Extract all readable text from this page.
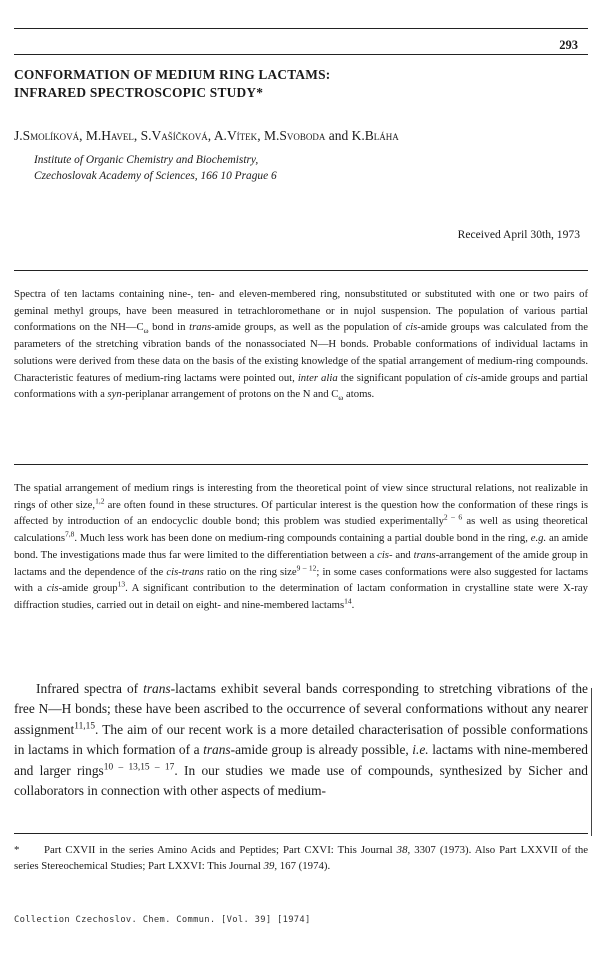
293
CONFORMATION OF MEDIUM RING LACTAMS:
INFRARED SPECTROSCOPIC STUDY*
J.Smolíková, M.Havel, S.Vašíčková, A.Vítek, M.Svoboda and K.Bláha
Institute of Organic Chemistry and Biochemistry,
Czechoslovak Academy of Sciences, 166 10 Prague 6
Received April 30th, 1973
Spectra of ten lactams containing nine-, ten- and eleven-membered ring, nonsubstituted or substituted with one or two pairs of geminal methyl groups, have been measured in tetrachloromethane or in nujol suspension. The population of various partial conformations on the $NH—C_\omega$ bond in trans-amide groups, as well as the population of cis-amide groups was calculated from the parameters of the stretching vibration bands of the nonassociated N—H bonds. Probable conformations of individual lactams in solutions were derived from these data on the basis of the existing knowledge of the spatial arrangement of medium-ring compounds. Characteristic features of medium-ring lactams were pointed out, inter alia the significant population of cis-amide groups and partial conformations with a syn-periplanar arrangement of protons on the N and $C_\omega$ atoms.
The spatial arrangement of medium rings is interesting from the theoretical point of view since structural relations, not realizable in rings of other size,$^{1,2}$ are often found in these structures. Of particular interest is the question how the conformation of these rings is affected by introduction of an endocyclic double bond; this problem was studied experimentally$^{2 - 6}$ as well as using theoretical calculations$^{7,8}$. Much less work has been done on medium-ring compounds containing a partial double bond in the ring, e.g. an amide bond. The investigations made thus far were limited to the differentiation between a cis- and trans-arrangement of the amide group in lactams and the dependence of the cis-trans ratio on the ring size$^{9 - 12}$; in some cases conformations were also suggested for lactams with a cis-amide group$^{13}$. A significant contribution to the determination of lactam conformation in crystalline state were X-ray diffraction studies, carried out in detail on eight- and nine-membered lactams$^{14}$.
Infrared spectra of trans-lactams exhibit several bands corresponding to stretching vibrations of the free N—H bonds; these have been ascribed to the occurrence of several conformations without any nearer assignment$^{11,15}$. The aim of our recent work is a more detailed characterisation of possible conformations in lactams in which formation of a trans-amide group is already possible, i.e. lactams with nine-membered and larger rings$^{10 - 13,15 - 17}$. In our studies we made use of compounds, synthesized by Sicher and collaborators in connection with other aspects of medium-
* Part CXVII in the series Amino Acids and Peptides; Part CXVI: This Journal 38, 3307 (1973). Also Part LXXVII of the series Stereochemical Studies; Part LXXVI: This Journal 39, 167 (1974).
Collection Czechoslov. Chem. Commun. [Vol. 39] [1974]
